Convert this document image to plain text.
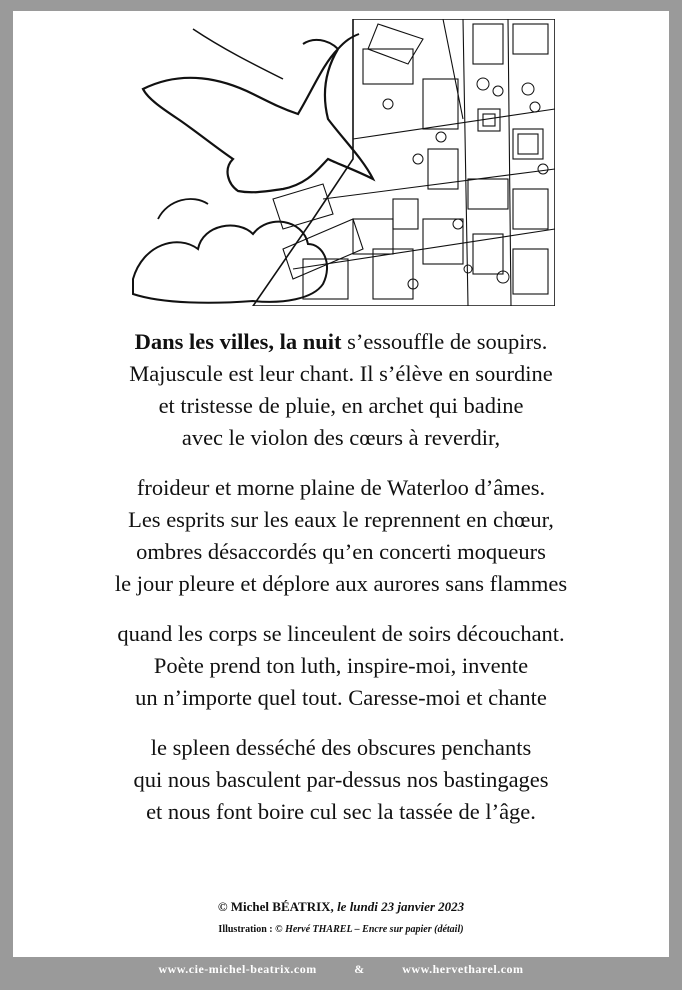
Dans les villes, la nuit s’essouffle de soupirs.
Majuscule est leur chant. Il s’élève en sourdine
et tristesse de pluie, en archet qui badine
avec le violon des cœurs à reverdir,
froideur et morne plaine de Waterloo d’âmes.
Les esprits sur les eaux le reprennent en chœur,
ombres désaccordés qu’en concerti moqueurs
le jour pleure et déplore aux aurores sans flammes
quand les corps se linceulent de soirs découchant.
Poète prend ton luth, inspire-moi, invente
un n’importe quel tout. Caresse-moi et chante
le spleen desséché des obscures penchants
qui nous basculent par-dessus nos bastingages
et nous font boire cul sec la tassée de l’âge.
© Michel BÉATRIX, le lundi 23 janvier 2023
Illustration : © Hervé THAREL – Encre sur papier (détail)
www.cie-michel-beatrix.com	&	www.hervetharel.com
